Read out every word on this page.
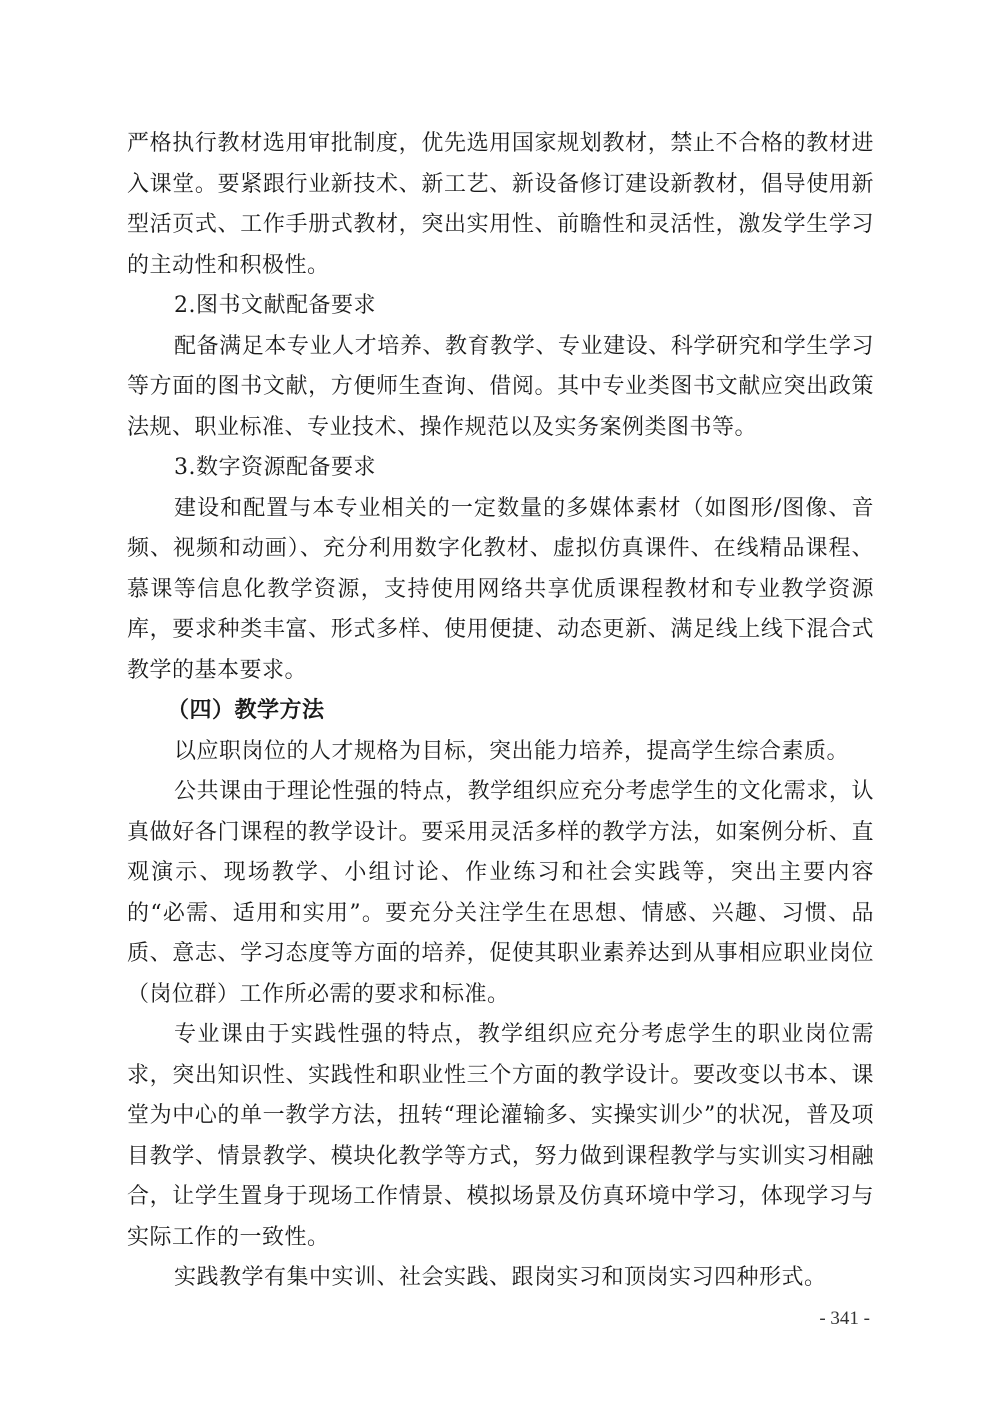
严格执行教材选用审批制度，优先选用国家规划教材，禁止不合格的教材进入课堂。要紧跟行业新技术、新工艺、新设备修订建设新教材，倡导使用新型活页式、工作手册式教材，突出实用性、前瞻性和灵活性，激发学生学习的主动性和积极性。

2.图书文献配备要求

配备满足本专业人才培养、教育教学、专业建设、科学研究和学生学习等方面的图书文献，方便师生查询、借阅。其中专业类图书文献应突出政策法规、职业标准、专业技术、操作规范以及实务案例类图书等。

3.数字资源配备要求

建设和配置与本专业相关的一定数量的多媒体素材（如图形/图像、音频、视频和动画）、充分利用数字化教材、虚拟仿真课件、在线精品课程、慕课等信息化教学资源，支持使用网络共享优质课程教材和专业教学资源库，要求种类丰富、形式多样、使用便捷、动态更新、满足线上线下混合式教学的基本要求。

（四）教学方法

以应职岗位的人才规格为目标，突出能力培养，提高学生综合素质。

公共课由于理论性强的特点，教学组织应充分考虑学生的文化需求，认真做好各门课程的教学设计。要采用灵活多样的教学方法，如案例分析、直观演示、现场教学、小组讨论、作业练习和社会实践等，突出主要内容的“必需、适用和实用”。要充分关注学生在思想、情感、兴趣、习惯、品质、意志、学习态度等方面的培养，促使其职业素养达到从事相应职业岗位（岗位群）工作所必需的要求和标准。

专业课由于实践性强的特点，教学组织应充分考虑学生的职业岗位需求，突出知识性、实践性和职业性三个方面的教学设计。要改变以书本、课堂为中心的单一教学方法，扭转“理论灌输多、实操实训少”的状况，普及项目教学、情景教学、模块化教学等方式，努力做到课程教学与实训实习相融合，让学生置身于现场工作情景、模拟场景及仿真环境中学习，体现学习与实际工作的一致性。

实践教学有集中实训、社会实践、跟岗实习和顶岗实习四种形式。

- 341 -
